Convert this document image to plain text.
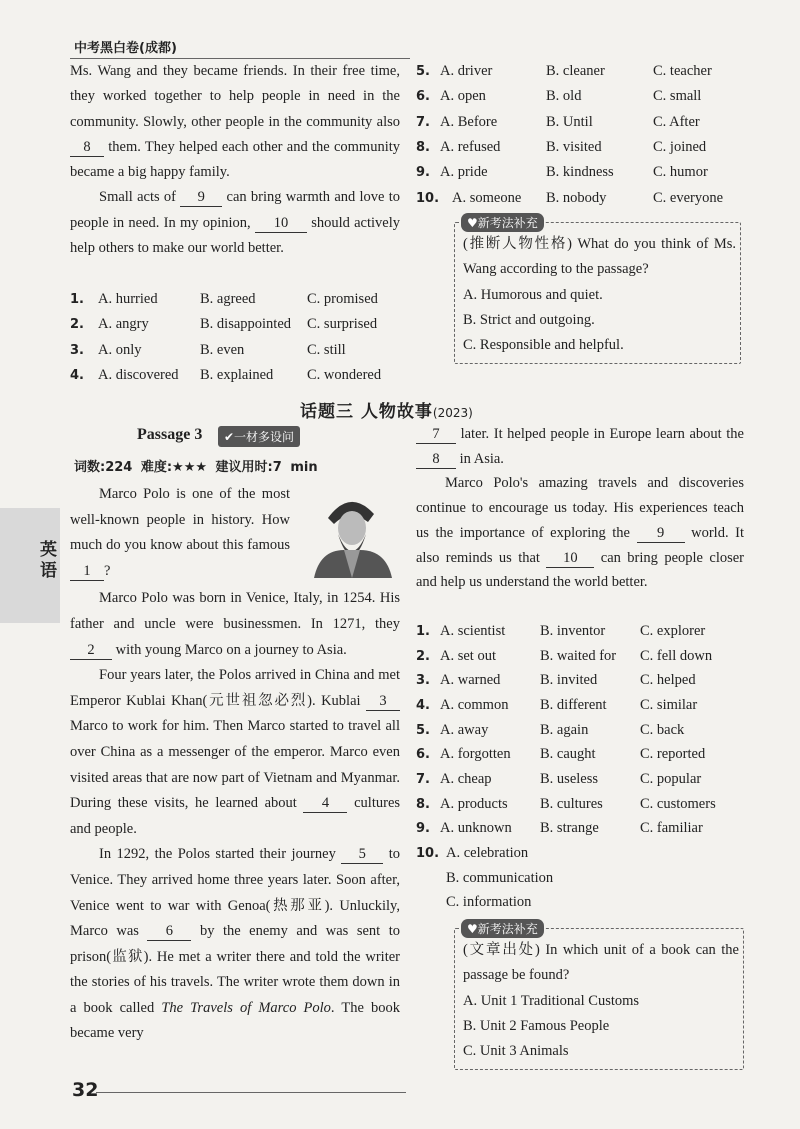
中考黑白卷(成都)

Ms. Wang and they became friends. In their free time, they worked together to help people in need in the community. Slowly, other people in the community also 8 them. They helped each other and the community became a big happy family.

Small acts of 9 can bring warmth and love to people in need. In my opinion, 10 should actively help others to make our world better.

1. A. hurried	B. agreed	C. promised
2. A. angry	B. disappointed	C. surprised
3. A. only	B. even	C. still
4. A. discovered	B. explained	C. wondered
5. A. driver	B. cleaner	C. teacher
6. A. open	B. old	C. small
7. A. Before	B. Until	C. After
8. A. refused	B. visited	C. joined
9. A. pride	B. kindness	C. humor
10. A. someone	B. nobody	C. everyone
♥新考法补充

(推断人物性格) What do you think of Ms. Wang according to the passage?

A. Humorous and quiet.

B. Strict and outgoing.

C. Responsible and helpful.

话题三 人物故事(2023)
Passage 3	✔一材多设问
词数:224 难度:★★★ 建议用时:7 min
英语

Marco Polo is one of the most well-known people in history. How much do you know about this famous 1 ?

Marco Polo was born in Venice, Italy, in 1254. His father and uncle were businessmen. In 1271, they 2 with young Marco on a journey to Asia.

Four years later, the Polos arrived in China and met Emperor Kublai Khan(元世祖忽必烈). Kublai 3 Marco to work for him. Then Marco started to travel all over China as a messenger of the emperor. Marco even visited areas that are now part of Vietnam and Myanmar. During these visits, he learned about 4 cultures and people.

In 1292, the Polos started their journey 5 to Venice. They arrived home three years later. Soon after, Venice went to war with Genoa(热那亚). Unluckily, Marco was 6 by the enemy and was sent to prison(监狱). He met a writer there and told the writer the stories of his travels. The writer wrote them down in a book called The Travels of Marco Polo. The book became very

7 later. It helped people in Europe learn about the 8 in Asia.

Marco Polo's amazing travels and discoveries continue to encourage us today. His experiences teach us the importance of exploring the 9 world. It also reminds us that 10 can bring people closer and help us understand the world better.

1. A. scientist	B. inventor	C. explorer
2. A. set out	B. waited for	C. fell down
3. A. warned	B. invited	C. helped
4. A. common	B. different	C. similar
5. A. away	B. again	C. back
6. A. forgotten	B. caught	C. reported
7. A. cheap	B. useless	C. popular
8. A. products	B. cultures	C. customers
9. A. unknown	B. strange	C. familiar
10. A. celebration
B. communication
C. information
♥新考法补充

(文章出处) In which unit of a book can the passage be found?

A. Unit 1 Traditional Customs

B. Unit 2 Famous People

C. Unit 3 Animals

32
